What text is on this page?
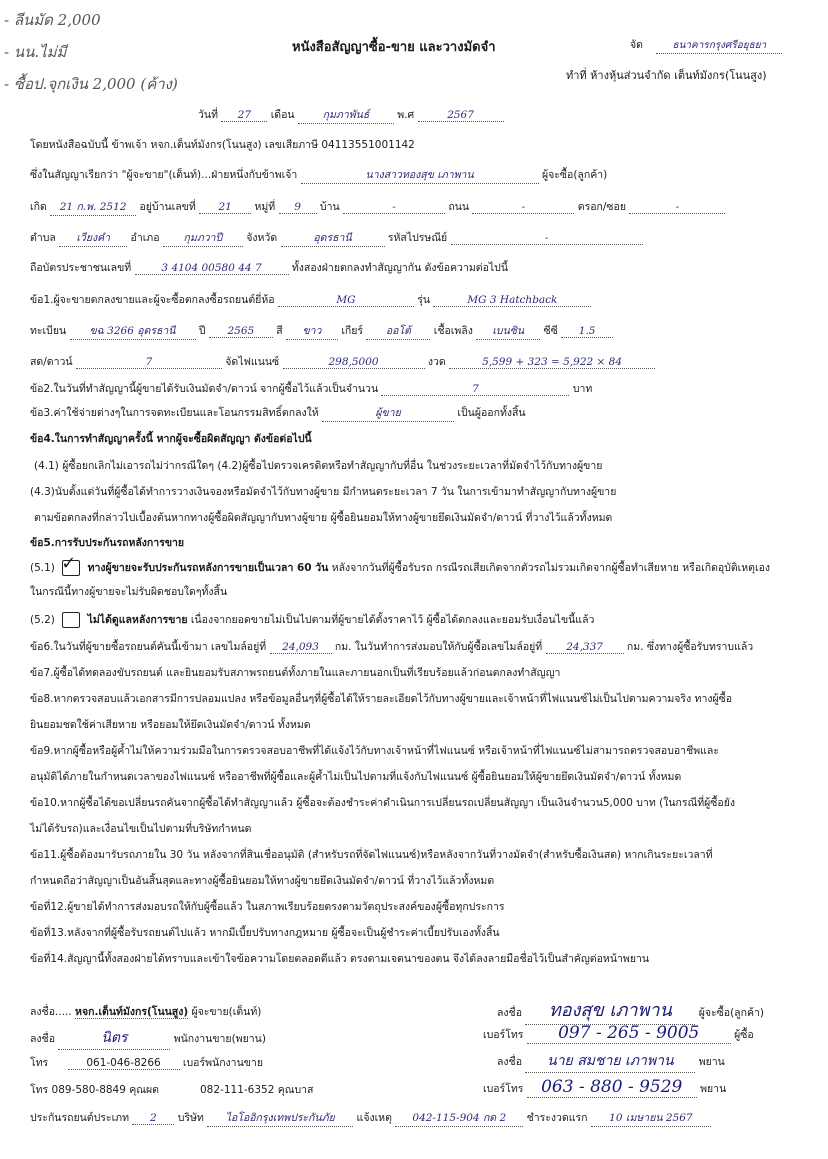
- ลีนมัด 2,000
- นน.ไม่มี
- ซื้อป.จุกเงิน 2,000 (ค้าง)
หนังสือสัญญาซื้อ-ขาย และวางมัดจำ	จัด	ธนาคารกรุงศรีอยุธยา
ทำที่ ห้างหุ้นส่วนจำกัด เต็นท์มังกร(โนนสูง)
วันที่ 27 เดือน	กุมภาพันธ์	พ.ศ	2567
โดยหนังสือฉบับนี้ ข้าพเจ้า หจก.เต็นท์มังกร(โนนสูง) เลขเสียภาษี 04113551001142
ซึ่งในสัญญาเรียกว่า "ผู้จะขาย"(เต็นท์)...ฝ่ายหนึ่งกับข้าพเจ้า	นางสาวทองสุข เภาพาน	ผู้จะซื้อ(ลูกค้า)
เกิด 21 ก.พ. 2512 อยู่บ้านเลขที่ 21 หมู่ที่ 9 บ้าน	-	ถนน	-	ตรอก/ซอย	-
ตำบล เวียงคำ อำเภอ กุมภวาปี จังหวัด	อุดรธานี	รหัสไปรษณีย์	-
ถือบัตรประชาชนเลขที่	3 4104 00580 44 7	ทั้งสองฝ่ายตกลงทำสัญญากัน ดังข้อความต่อไปนี้
ข้อ1.ผู้จะขายตกลงขายและผู้จะซื้อตกลงซื้อรถยนต์ยี่ห้อ	MG	รุ่น	MG 3 Hatchback
ทะเบียน ขฉ 3266 อุดรธานี ปี 2565 สี ขาว เกียร์ ออโต้ เชื้อเพลิง เบนซิน ซีซี 1.5
สด/ดาวน์	7	จัดไฟแนนซ์	298,5000	งวด	5,599 + 323 = 5,922 × 84
ข้อ2.ในวันที่ทำสัญญานี้ผู้ขายได้รับเงินมัดจำ/ดาวน์ จากผู้ซื้อไว้แล้วเป็นจำนวน	7	บาท
ข้อ3.ค่าใช้จ่ายต่างๆในการจดทะเบียนและโอนกรรมสิทธิ์ตกลงให้	ผู้ขาย	เป็นผู้ออกทั้งสิ้น
ข้อ4.ในการทำสัญญาครั้งนี้ หากผู้จะซื้อผิดสัญญา ดังข้อต่อไปนี้
(4.1) ผู้ซื้อยกเลิกไม่เอารถไม่ว่ากรณีใดๆ (4.2)ผู้ซื้อไปตรวจเครดิตหรือทำสัญญากับที่อื่น ในช่วงระยะเวลาที่มัดจำไว้กับทางผู้ขาย
(4.3)นับตั้งแต่วันที่ผู้ซื้อได้ทำการวางเงินจองหรือมัดจำไว้กับทางผู้ขาย มีกำหนดระยะเวลา 7 วัน ในการเข้ามาทำสัญญากับทางผู้ขาย
ตามข้อตกลงที่กล่าวไปเบื้องต้นหากทางผู้ซื้อผิดสัญญากับทางผู้ขาย ผู้ซื้อยินยอมให้ทางผู้ขายยึดเงินมัดจำ/ดาวน์ ที่วางไว้แล้วทั้งหมด
ข้อ5.การรับประกันรถหลังการขาย
(5.1) ✓ ทางผู้ขายจะรับประกันรถหลังการขายเป็นเวลา 60 วัน หลังจากวันที่ผู้ซื้อรับรถ กรณีรถเสียเกิดจากตัวรถไม่รวมเกิดจากผู้ซื้อทำเสียหาย หรือเกิดอุบัติเหตุเอง
ในกรณีนี้ทางผู้ขายจะไม่รับผิดชอบใดๆทั้งสิ้น
(5.2)	ไม่ได้ดูแลหลังการขาย เนื่องจากยอดขายไม่เป็นไปตามที่ผู้ขายได้ตั้งราคาไว้ ผู้ซื้อได้ตกลงและยอมรับเงื่อนไขนี้แล้ว
ข้อ6.ในวันที่ผู้ขายซื้อรถยนต์คันนี้เข้ามา เลขไมล์อยู่ที่ 24,093 กม. ในวันทำการส่งมอบให้กับผู้ซื้อเลขไมล์อยู่ที่ 24,337 กม. ซึ่งทางผู้ซื้อรับทราบแล้ว
ข้อ7.ผู้ซื้อได้ทดลองขับรถยนต์ และยินยอมรับสภาพรถยนต์ทั้งภายในและภายนอกเป็นที่เรียบร้อยแล้วก่อนตกลงทำสัญญา
ข้อ8.หากตรวจสอบแล้วเอกสารมีการปลอมแปลง หรือข้อมูลอื่นๆที่ผู้ซื้อได้ให้รายละเอียดไว้กับทางผู้ขายและเจ้าหน้าที่ไฟแนนซ์ไม่เป็นไปตามความจริง ทางผู้ซื้อ
ยินยอมชดใช้ค่าเสียหาย หรือยอมให้ยึดเงินมัดจำ/ดาวน์ ทั้งหมด
ข้อ9.หากผู้ซื้อหรือผู้ค้ำไม่ให้ความร่วมมือในการตรวจสอบอาชีพที่ได้แจ้งไว้กับทางเจ้าหน้าที่ไฟแนนซ์ หรือเจ้าหน้าที่ไฟแนนซ์ไม่สามารถตรวจสอบอาชีพและ
อนุมัติได้ภายในกำหนดเวลาของไฟแนนซ์ หรืออาชีพที่ผู้ซื้อและผู้ค้ำไม่เป็นไปตามที่แจ้งกับไฟแนนซ์ ผู้ซื้อยินยอมให้ผู้ขายยึดเงินมัดจำ/ดาวน์ ทั้งหมด
ข้อ10.หากผู้ซื้อได้ขอเปลี่ยนรถคันจากผู้ซื้อได้ทำสัญญาแล้ว ผู้ซื้อจะต้องชำระค่าดำเนินการเปลี่ยนรถเปลี่ยนสัญญา เป็นเงินจำนวน5,000 บาท (ในกรณีที่ผู้ซื้อยัง
ไม่ได้รับรถ)และเงื่อนไขเป็นไปตามที่บริษัทกำหนด
ข้อ11.ผู้ซื้อต้องมารับรถภายใน 30 วัน หลังจากที่สินเชื่ออนุมัติ (สำหรับรถที่จัดไฟแนนซ์)หรือหลังจากวันที่วางมัดจำ(สำหรับซื้อเงินสด) หากเกินระยะเวลาที่
กำหนดถือว่าสัญญาเป็นอันสิ้นสุดและทางผู้ซื้อยินยอมให้ทางผู้ขายยึดเงินมัดจำ/ดาวน์ ที่วางไว้แล้วทั้งหมด
ข้อที่12.ผู้ขายได้ทำการส่งมอบรถให้กับผู้ซื้อแล้ว ในสภาพเรียบร้อยตรงตามวัตถุประสงค์ของผู้ซื้อทุกประการ
ข้อที่13.หลังจากที่ผู้ซื้อรับรถยนต์ไปแล้ว หากมีเบี้ยปรับทางกฎหมาย ผู้ซื้อจะเป็นผู้ชำระค่าเบี้ยปรับเองทั้งสิ้น
ข้อที่14.สัญญานี้ทั้งสองฝ่ายได้ทราบและเข้าใจข้อความโดยตลอดดีแล้ว ตรงตามเจตนาของตน จึงได้ลงลายมือชื่อไว้เป็นสำคัญต่อหน้าพยาน
ลงชื่อ..... หจก.เต็นท์มังกร(โนนสูง) ผู้จะขาย(เต็นท์)
ลงชื่อ	นิตร	พนักงานขาย(พยาน)
โทร	061-046-8266 เบอร์พนักงานขาย
โทร 089-580-8849 คุณผต	082-111-6352 คุณบาส
ลงชื่อ ทองสุข เภาพาน	ผู้จะซื้อ(ลูกค้า)
เบอร์โทร 097 - 265 - 9005	ผู้ซื้อ
ลงชื่อ นาย สมชาย เภาพาน พยาน
เบอร์โทร 063 - 880 - 9529 พยาน
ประกันรถยนต์ประเภท 2 บริษัท ไอโออิกรุงเทพประกันภัย แจ้งเหตุ 042-115-904 กด 2 ชำระงวดแรก 10 เมษายน 2567
